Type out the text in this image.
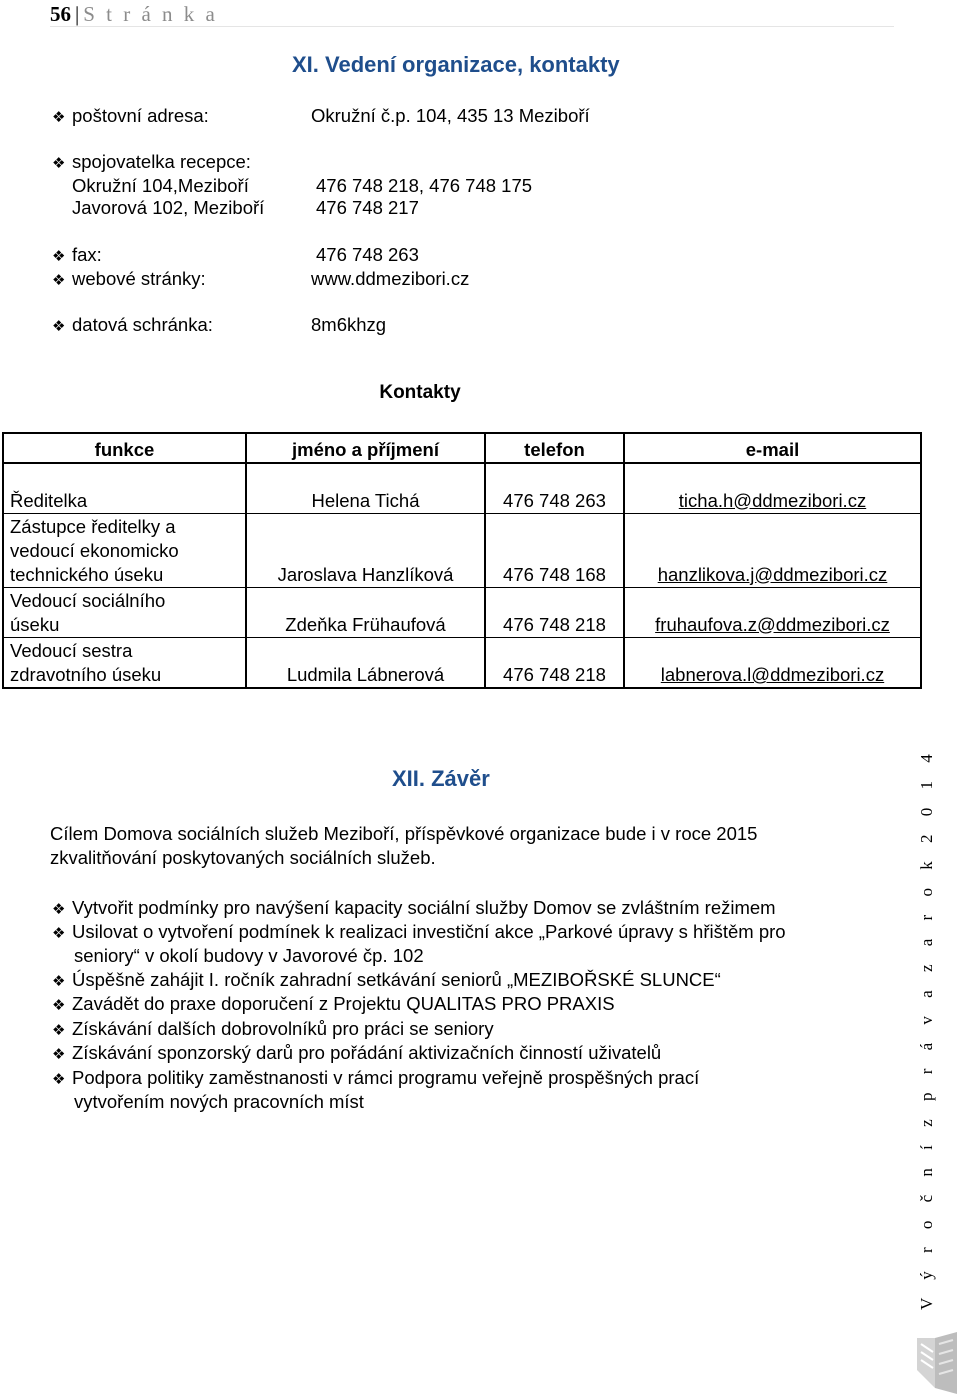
56 | S t r á n k a
XI. Vedení organizace, kontakty
❖ poštovní adresa:	Okružní č.p. 104, 435 13 Meziboří
❖ spojovatelka recepce:
Okružní 104,Meziboří	476 748 218, 476 748 175
Javorová 102, Meziboří	476 748 217
❖ fax:	476 748 263
❖ webové stránky:	www.ddmezibori.cz
❖ datová schránka:	8m6khzg
Kontakty
funkce	jméno a příjmení	telefon	e-mail
Ředitelka	Helena Tichá	476 748 263	ticha.h@ddmezibori.cz

Zástupce ředitelky a vedoucí ekonomicko technického úseku	Jaroslava Hanzlíková	476 748 168	hanzlikova.j@ddmezibori.cz

Vedoucí sociálního úseku	Zdeňka Frühaufová	476 748 218	fruhaufova.z@ddmezibori.cz

Vedoucí sestra zdravotního úseku	Ludmila Lábnerová	476 748 218	labnerova.l@ddmezibori.cz
XII. Závěr
Cílem Domova sociálních služeb Meziboří, příspěvkové organizace bude i v roce 2015
zkvalitňování poskytovaných sociálních služeb.
❖ Vytvořit podmínky pro navýšení kapacity sociální služby Domov se zvláštním režimem
❖ Usilovat o vytvoření podmínek k realizaci investiční akce „Parkové úpravy s hřištěm pro
seniory“ v okolí budovy v Javorové čp. 102
❖ Úspěšně zahájit I. ročník zahradní setkávání seniorů „MEZIBOŘSKÉ SLUNCE“
❖ Zavádět do praxe doporučení z Projektu QUALITAS PRO PRAXIS
❖ Získávání dalších dobrovolníků pro práci se seniory
❖ Získávání sponzorský darů pro pořádání aktivizačních činností uživatelů
❖ Podpora politiky zaměstnanosti v rámci programu veřejně prospěšných prací
vytvořením nových pracovních míst	V ý r o č n í z p r á v a z a r o k 2 0 1 4
